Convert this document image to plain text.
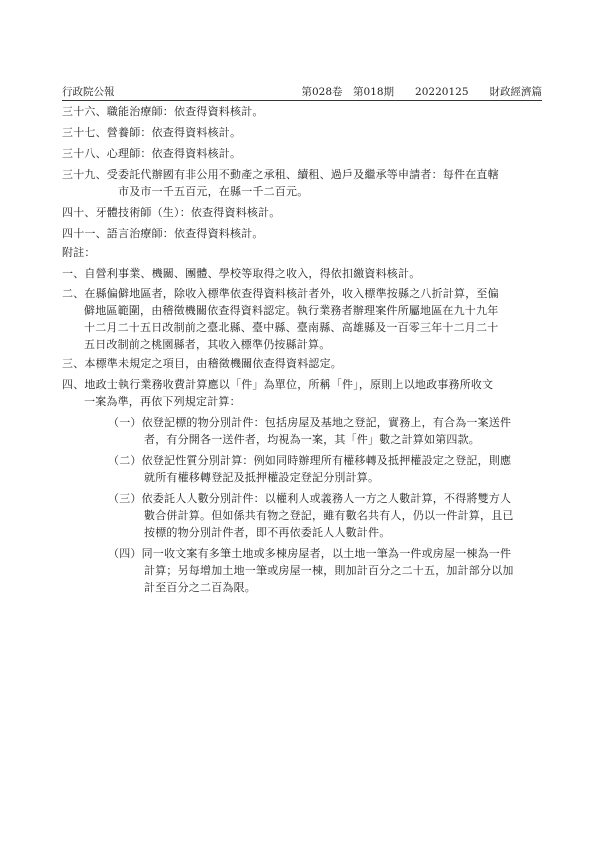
行政院公報	第028卷　第018期　　20220125　　財政經濟篇
三十六、職能治療師：依查得資料核計。
三十七、營養師：依查得資料核計。
三十八、心理師：依查得資料核計。
三十九、受委託代辦國有非公用不動產之承租、續租、過戶及繼承等申請者：每件在直轄
市及市一千五百元，在縣一千二百元。
四十、牙體技術師（生）：依查得資料核計。
四十一、語言治療師：依查得資料核計。
附註：
一、自營利事業、機關、團體、學校等取得之收入，得依扣繳資料核計。
二、在縣偏僻地區者，除收入標準依查得資料核計者外，收入標準按縣之八折計算，至偏
僻地區範圍，由稽徵機關依查得資料認定。執行業務者辦理案件所屬地區在九十九年
十二月二十五日改制前之臺北縣、臺中縣、臺南縣、高雄縣及一百零三年十二月二十
五日改制前之桃園縣者，其收入標準仍按縣計算。
三、本標準未規定之項目，由稽徵機關依查得資料認定。
四、地政士執行業務收費計算應以「件」為單位，所稱「件」，原則上以地政事務所收文
一案為準，再依下列規定計算：
（一）依登記標的物分別計件：包括房屋及基地之登記，實務上，有合為一案送件
者，有分開各一送件者，均視為一案，其「件」數之計算如第四款。
（二）依登記性質分別計算：例如同時辦理所有權移轉及抵押權設定之登記，則應
就所有權移轉登記及抵押權設定登記分別計算。
（三）依委託人人數分別計件：以權利人或義務人一方之人數計算，不得將雙方人
數合併計算。但如係共有物之登記，雖有數名共有人，仍以一件計算，且已
按標的物分別計件者，即不再依委託人人數計件。
（四）同一收文案有多筆土地或多棟房屋者，以土地一筆為一件或房屋一棟為一件
計算；另每增加土地一筆或房屋一棟，則加計百分之二十五，加計部分以加
計至百分之二百為限。
